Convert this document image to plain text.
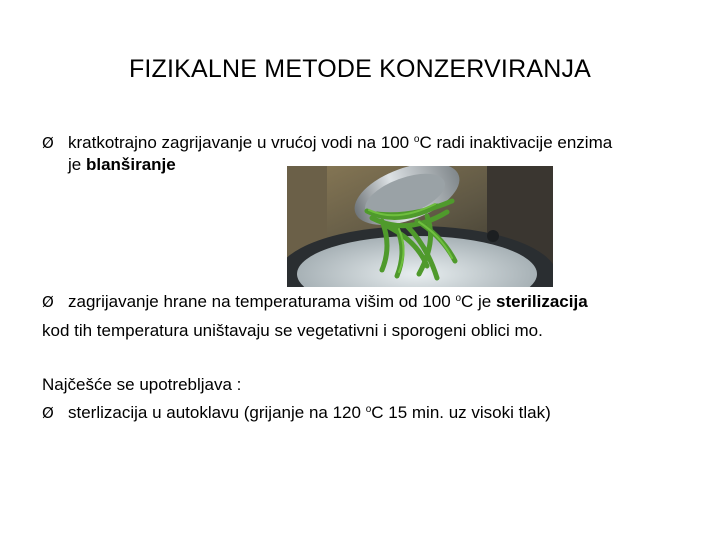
FIZIKALNE METODE KONZERVIRANJA
Ø kratkotrajno zagrijavanje u vrućoj vodi na 100 $^o$C radi inaktivacije enzima
je blanširanje
Ø zagrijavanje hrane na temperaturama višim od 100 $^o$C je sterilizacija
kod tih temperatura uništavaju se vegetativni i sporogeni oblici mo.
Najčešće se upotrebljava :
Ø sterlizacija u autoklavu (grijanje na 120 $^o$C 15 min. uz visoki tlak)
